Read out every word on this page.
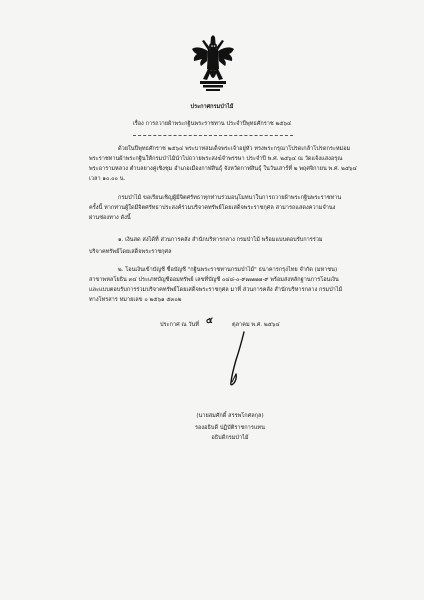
ประกาศกรมป่าไม้
เรื่อง การถวายผ้าพระกฐินพระราชทาน ประจำปีพุทธศักราช ๒๕๖๔
ด้วยในปีพุทธศักราช ๒๕๖๔ พระบาทสมเด็จพระเจ้าอยู่หัว ทรงพระกรุณาโปรดเกล้าโปรดกระหม่อม
พระราชทานผ้าพระกฐินให้กรมป่าไม้นำไปถวายพระสงฆ์จำพรรษา ประจำปี พ.ศ. ๒๕๖๔ ณ วัดแจ้งแสงอรุณ
พระอารามหลวง ตำบลยางคู่เชิงชุม อำเภอเมืองกาฬสินธุ์ จังหวัดกาฬสินธุ์ ในวันเสาร์ที่ ๒ พฤศจิกายน พ.ศ. ๒๕๖๔
เวลา ๑๐.๐๐ น.
กรมป่าไม้ ขอเรียนเชิญผู้มีจิตศรัทธาทุกท่านร่วมอนุโมทนาในการถวายผ้าพระกฐินพระราชทาน
ครั้งนี้ หากท่านผู้ใดมีจิตศรัทธาประสงค์ร่วมบริจาคทรัพย์โดยเสด็จพระราชกุศล สามารถแสดงความจำนง
ผ่านช่องทาง ดังนี้
๑. เงินสด ส่งได้ที่ ส่วนการคลัง สำนักบริหารกลาง กรมป่าไม้ พร้อมแบบตอบรับการร่วม
บริจาคทรัพย์โดยเสด็จพระราชกุศล
๒. โอนเงินเข้าบัญชี ชื่อบัญชี "กฐินพระราชทานกรมป่าไม้" ธนาคารกรุงไทย จำกัด (มหาชน)
สาขาพหลโยธิน ๓๔ ประเภทบัญชีออมทรัพย์ เลขที่บัญชี ๐๔๘-๐-๙๗๗๗๗-๙ พร้อมส่งหลักฐานการโอนเงิน
และแบบตอบรับการร่วมบริจาคทรัพย์โดยเสด็จพระราชกุศล มาที่ ส่วนการคลัง สำนักบริหารกลาง กรมป่าไม้
ทางโทรสาร หมายเลข ๐ ๒๕๖๑ ๕๓๐๒
ประกาศ ณ วันที่ ๕	ตุลาคม พ.ศ. ๒๕๖๔
(นายสมศักดิ์ สรรพโกศลกุล)
รองอธิบดี ปฏิบัติราชการแทน
อธิบดีกรมป่าไม้
